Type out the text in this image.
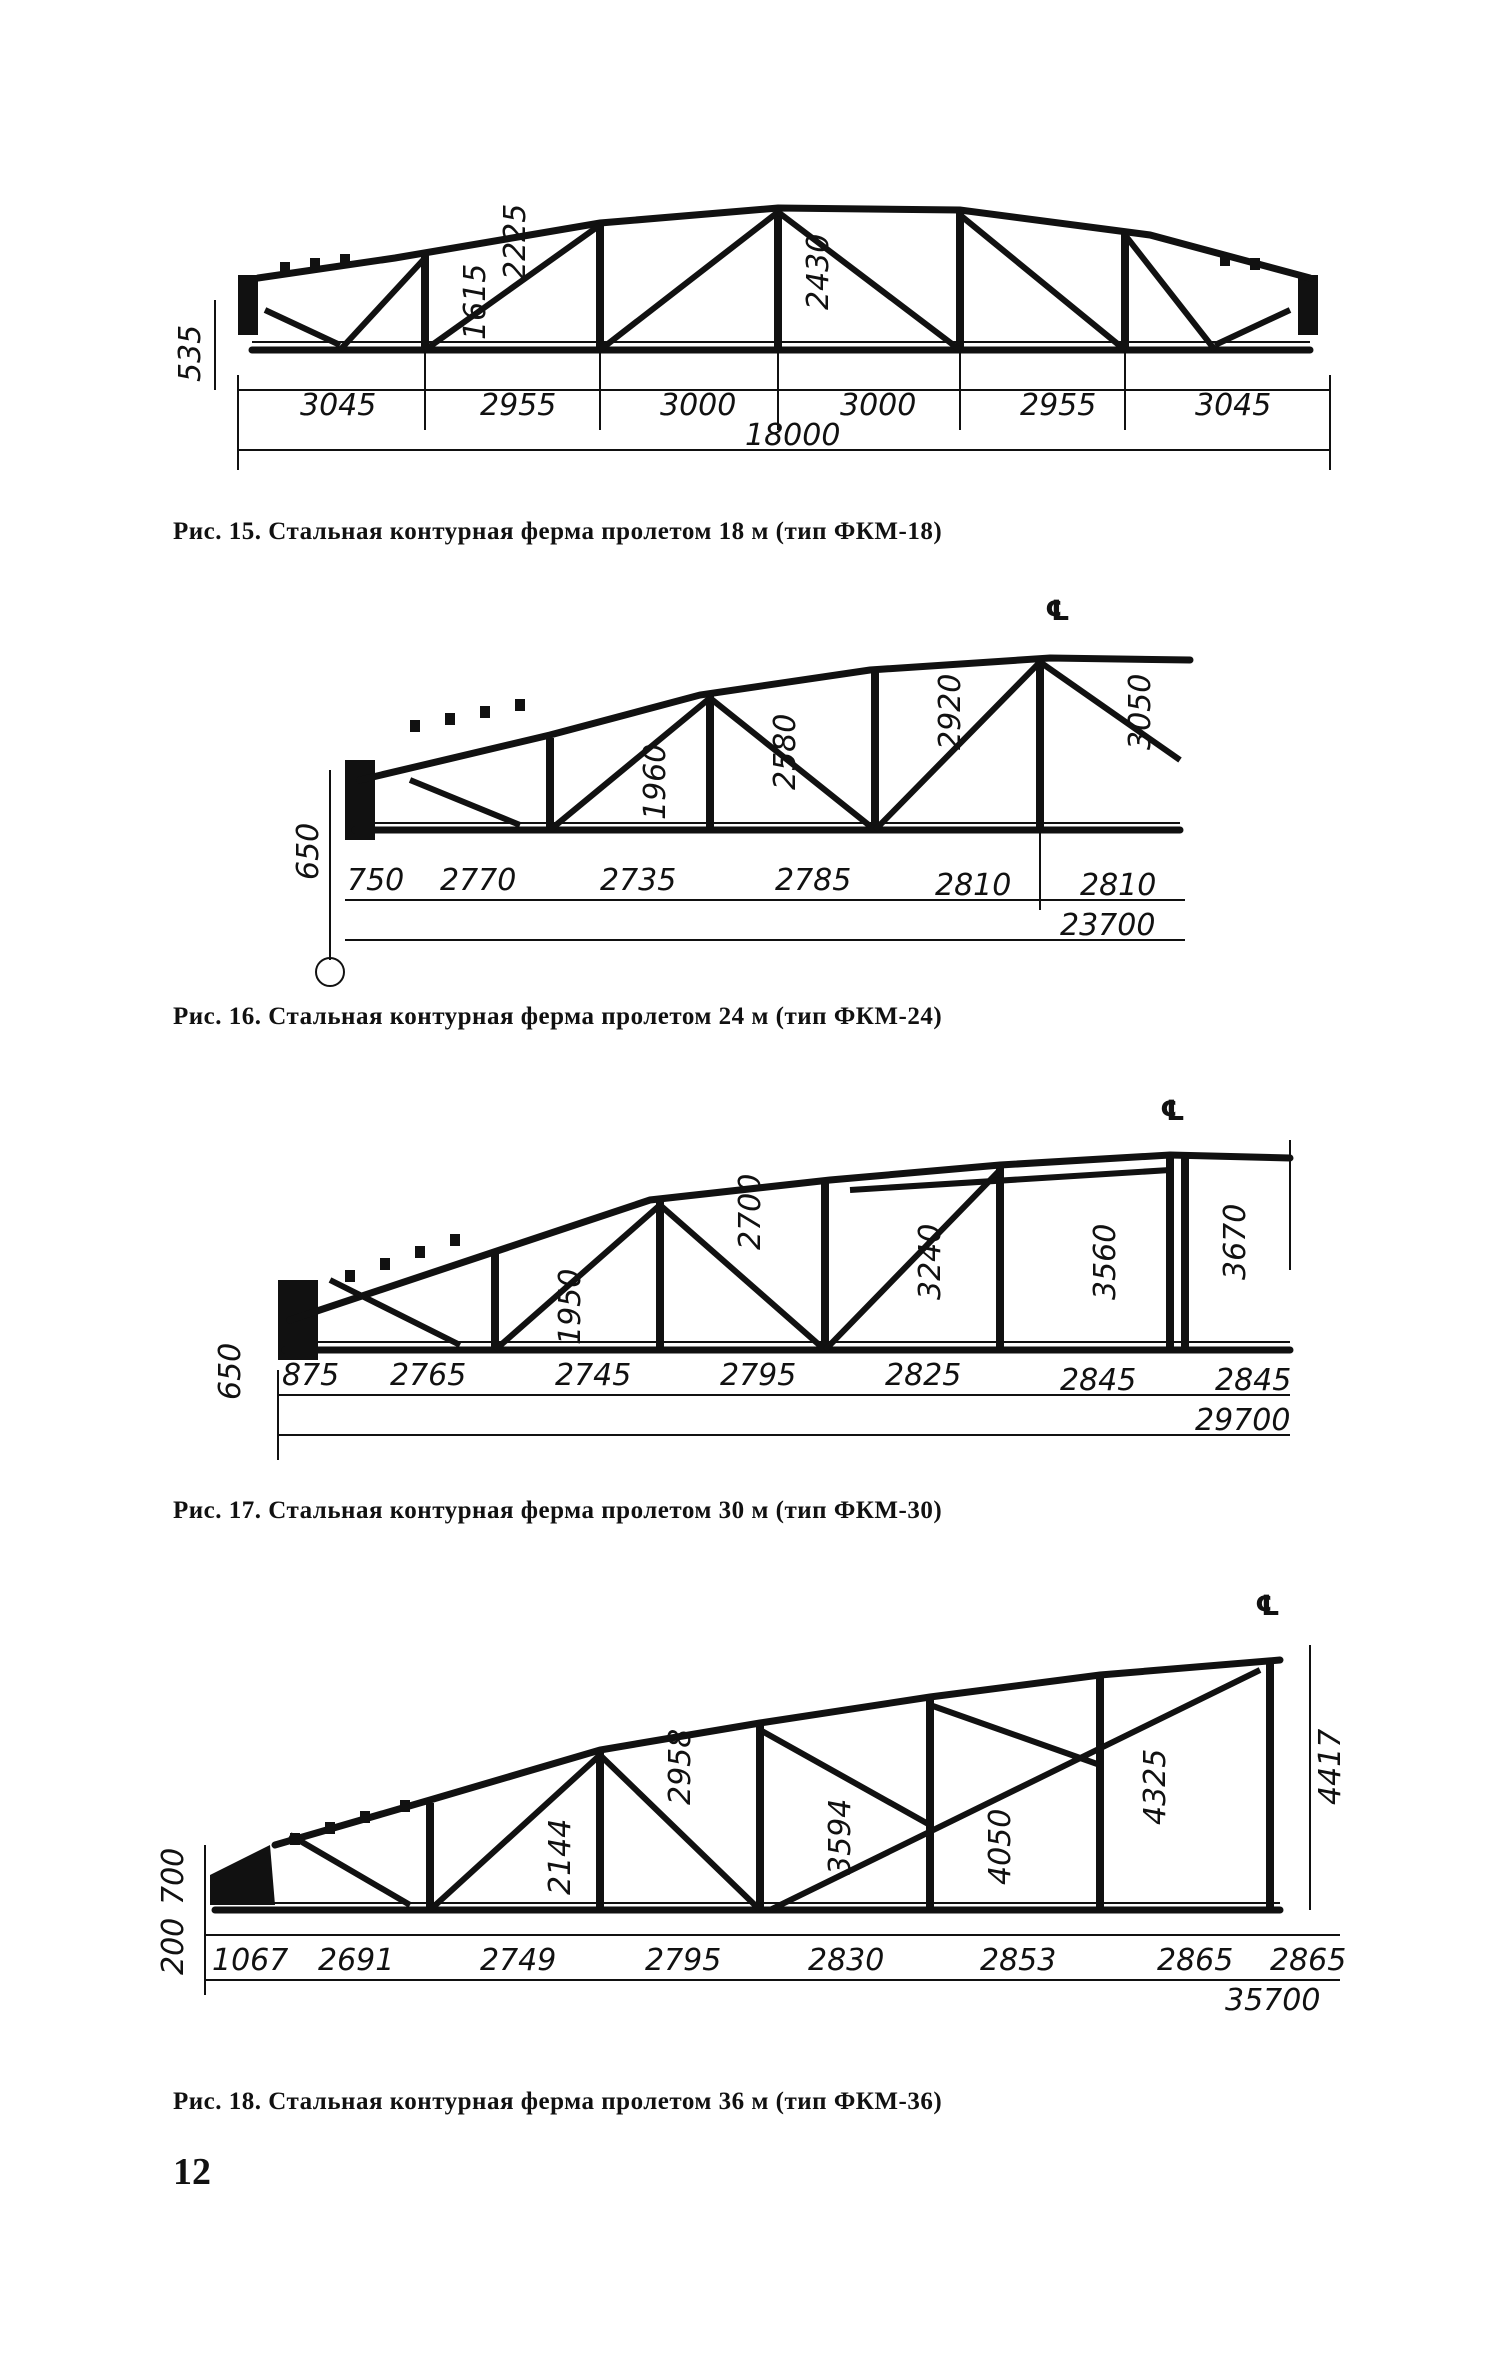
535
1615
2225	2430
3045	2955	3000	3000	2955	3045
18000
Рис. 15. Стальная контурная ферма пролетом 18 м (тип ФКМ-18)
℄
650
1960	2580
2920	3050
750 2770	2735	2785	2810 2810
23700
Рис. 16. Стальная контурная ферма пролетом 24 м (тип ФКМ-24)
℄
650
1950
2700
3240	3560	3670
875 2765	2745	2795	2825	2845	2845
29700
Рис. 17. Стальная контурная ферма пролетом 30 м (тип ФКМ-30)
℄
700
200
2144
2958
3594	4050
4325	4417
1067 2691	2749	2795	2830	2853	2865 2865
35700
Рис. 18. Стальная контурная ферма пролетом 36 м (тип ФКМ-36)
12
